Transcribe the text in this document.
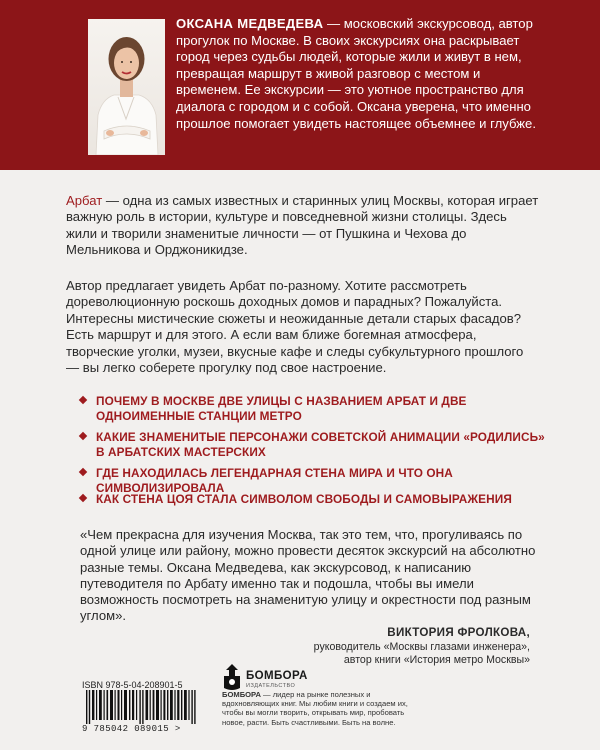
ОКСАНА МЕДВЕДЕВА — московский экскурсовод, автор прогулок по Москве. В своих экскурсиях она раскрывает город через судьбы людей, которые жили и живут в нем, превращая маршрут в живой разговор с местом и временем. Ее экскурсии — это уютное пространство для диалога с городом и с собой. Оксана уверена, что именно прошлое помогает увидеть настоящее объемнее и глубже.

Арбат — одна из самых известных и старинных улиц Москвы, которая играет важную роль в истории, культуре и повседневной жизни столицы. Здесь жили и творили знаменитые личности — от Пушкина и Чехова до Мельникова и Орджоникидзе.

Автор предлагает увидеть Арбат по-разному. Хотите рассмотреть дореволюционную роскошь доходных домов и парадных? Пожалуйста. Интересны мистические сюжеты и неожиданные детали старых фасадов? Есть маршрут и для этого. А если вам ближе богемная атмосфера, творческие уголки, музеи, вкусные кафе и следы субкультурного прошлого — вы легко соберете прогулку под свое настроение.

ПОЧЕМУ В МОСКВЕ ДВЕ УЛИЦЫ С НАЗВАНИЕМ АРБАТ И ДВЕ ОДНОИМЕННЫЕ СТАНЦИИ МЕТРО
КАКИЕ ЗНАМЕНИТЫЕ ПЕРСОНАЖИ СОВЕТСКОЙ АНИМАЦИИ «РОДИЛИСЬ» В АРБАТСКИХ МАСТЕРСКИХ
ГДЕ НАХОДИЛАСЬ ЛЕГЕНДАРНАЯ СТЕНА МИРА И ЧТО ОНА СИМВОЛИЗИРОВАЛА
КАК СТЕНА ЦОЯ СТАЛА СИМВОЛОМ СВОБОДЫ И САМОВЫРАЖЕНИЯ

«Чем прекрасна для изучения Москва, так это тем, что, прогуливаясь по одной улице или району, можно провести десяток экскурсий на абсолютно разные темы. Оксана Медведева, как экскурсовод, к написанию путеводителя по Арбату именно так и подошла, чтобы вы имели возможность посмотреть на знаменитую улицу и окрестности под разным углом».

ВИКТОРИЯ ФРОЛКОВА,
руководитель «Москвы глазами инженера»,
автор книги «История метро Москвы»
ISBN 978-5-04-208901-5
9 785042 089015 >
БОМБОРА
ИЗДАТЕЛЬСТВО
БОМБОРА — лидер на рынке полезных и вдохновляющих книг. Мы любим книги и создаем их, чтобы вы могли творить, открывать мир, пробовать новое, расти. Быть счастливыми. Быть на волне.
